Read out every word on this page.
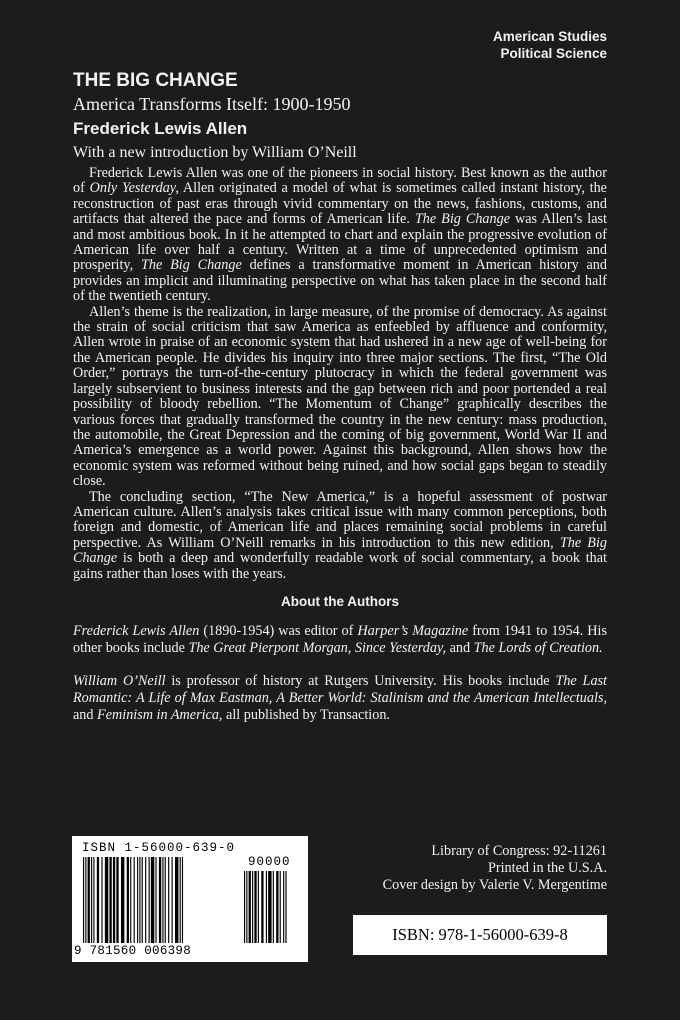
American Studies
Political Science
THE BIG CHANGE
America Transforms Itself: 1900-1950
Frederick Lewis Allen
With a new introduction by William O’Neill

Frederick Lewis Allen was one of the pioneers in social history. Best known as the author of Only Yesterday, Allen originated a model of what is sometimes called instant history, the reconstruction of past eras through vivid commentary on the news, fashions, customs, and artifacts that altered the pace and forms of American life. The Big Change was Allen’s last and most ambitious book. In it he attempted to chart and explain the progressive evolution of American life over half a century. Written at a time of unprecedented optimism and prosperity, The Big Change defines a transformative moment in American history and provides an implicit and illuminating perspective on what has taken place in the second half of the twentieth century.

Allen’s theme is the realization, in large measure, of the promise of democracy. As against the strain of social criticism that saw America as enfeebled by affluence and conformity, Allen wrote in praise of an economic system that had ushered in a new age of well-being for the American people. He divides his inquiry into three major sections. The first, “The Old Order,” portrays the turn-of-the-century plutocracy in which the federal government was largely subservient to business interests and the gap between rich and poor portended a real possibility of bloody rebellion. “The Momentum of Change” graphically describes the various forces that gradually transformed the country in the new century: mass production, the automobile, the Great Depression and the coming of big government, World War II and America’s emergence as a world power. Against this background, Allen shows how the economic system was reformed without being ruined, and how social gaps began to steadily close.

The concluding section, “The New America,” is a hopeful assessment of postwar American culture. Allen’s analysis takes critical issue with many common perceptions, both foreign and domestic, of American life and places remaining social problems in careful perspective. As William O’Neill remarks in his introduction to this new edition, The Big Change is both a deep and wonderfully readable work of social commentary, a book that gains rather than loses with the years.

About the Authors

Frederick Lewis Allen (1890-1954) was editor of Harper’s Magazine from 1941 to 1954. His other books include The Great Pierpont Morgan, Since Yesterday, and The Lords of Creation.

William O’Neill is professor of history at Rutgers University. His books include The Last Romantic: A Life of Max Eastman, A Better World: Stalinism and the American Intellectuals, and Feminism in America, all published by Transaction.

ISBN 1-56000-639-0
90000
9 781560 006398
Library of Congress: 92-11261
Printed in the U.S.A.
Cover design by Valerie V. Mergentime
ISBN: 978-1-56000-639-8
